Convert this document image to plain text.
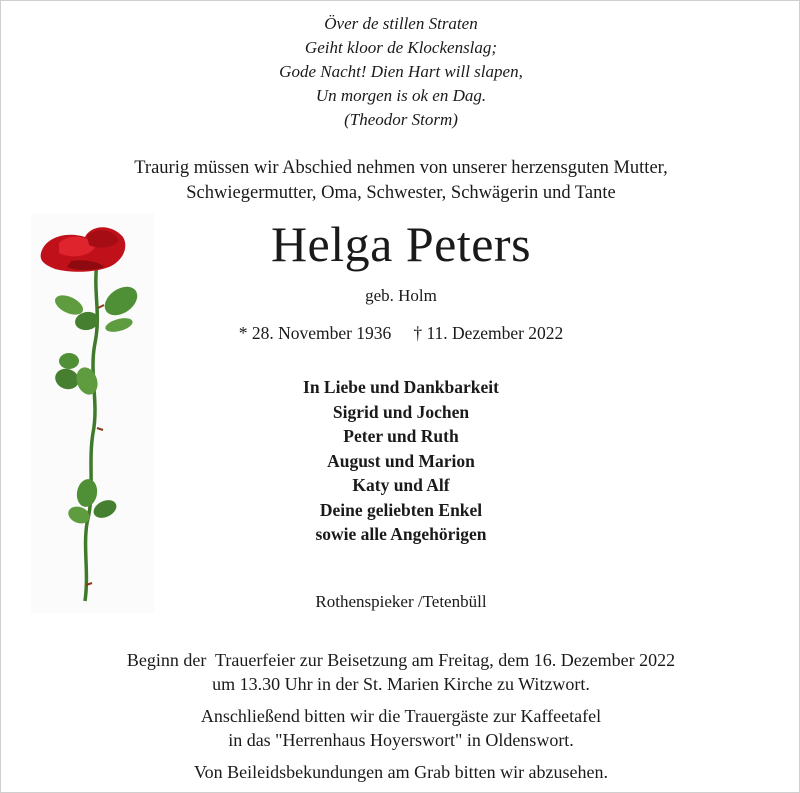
Över de stillen Straten
Geiht kloor de Klockenslag;
Gode Nacht! Dien Hart will slapen,
Un morgen is ok en Dag.
(Theodor Storm)
Traurig müssen wir Abschied nehmen von unserer herzensguten Mutter,
Schwiegermutter, Oma, Schwester, Schwägerin und Tante
Helga Peters
geb. Holm
* 28. November 1936 † 11. Dezember 2022
In Liebe und Dankbarkeit
Sigrid und Jochen
Peter und Ruth
August und Marion
Katy und Alf
Deine geliebten Enkel
sowie alle Angehörigen
Rothenspieker /Tetenbüll
Beginn der  Trauerfeier zur Beisetzung am Freitag, dem 16. Dezember 2022
um 13.30 Uhr in der St. Marien Kirche zu Witzwort.
Anschließend bitten wir die Trauergäste zur Kaffeetafel
in das "Herrenhaus Hoyerswort" in Oldenswort.
Von Beileidsbekundungen am Grab bitten wir abzusehen.
